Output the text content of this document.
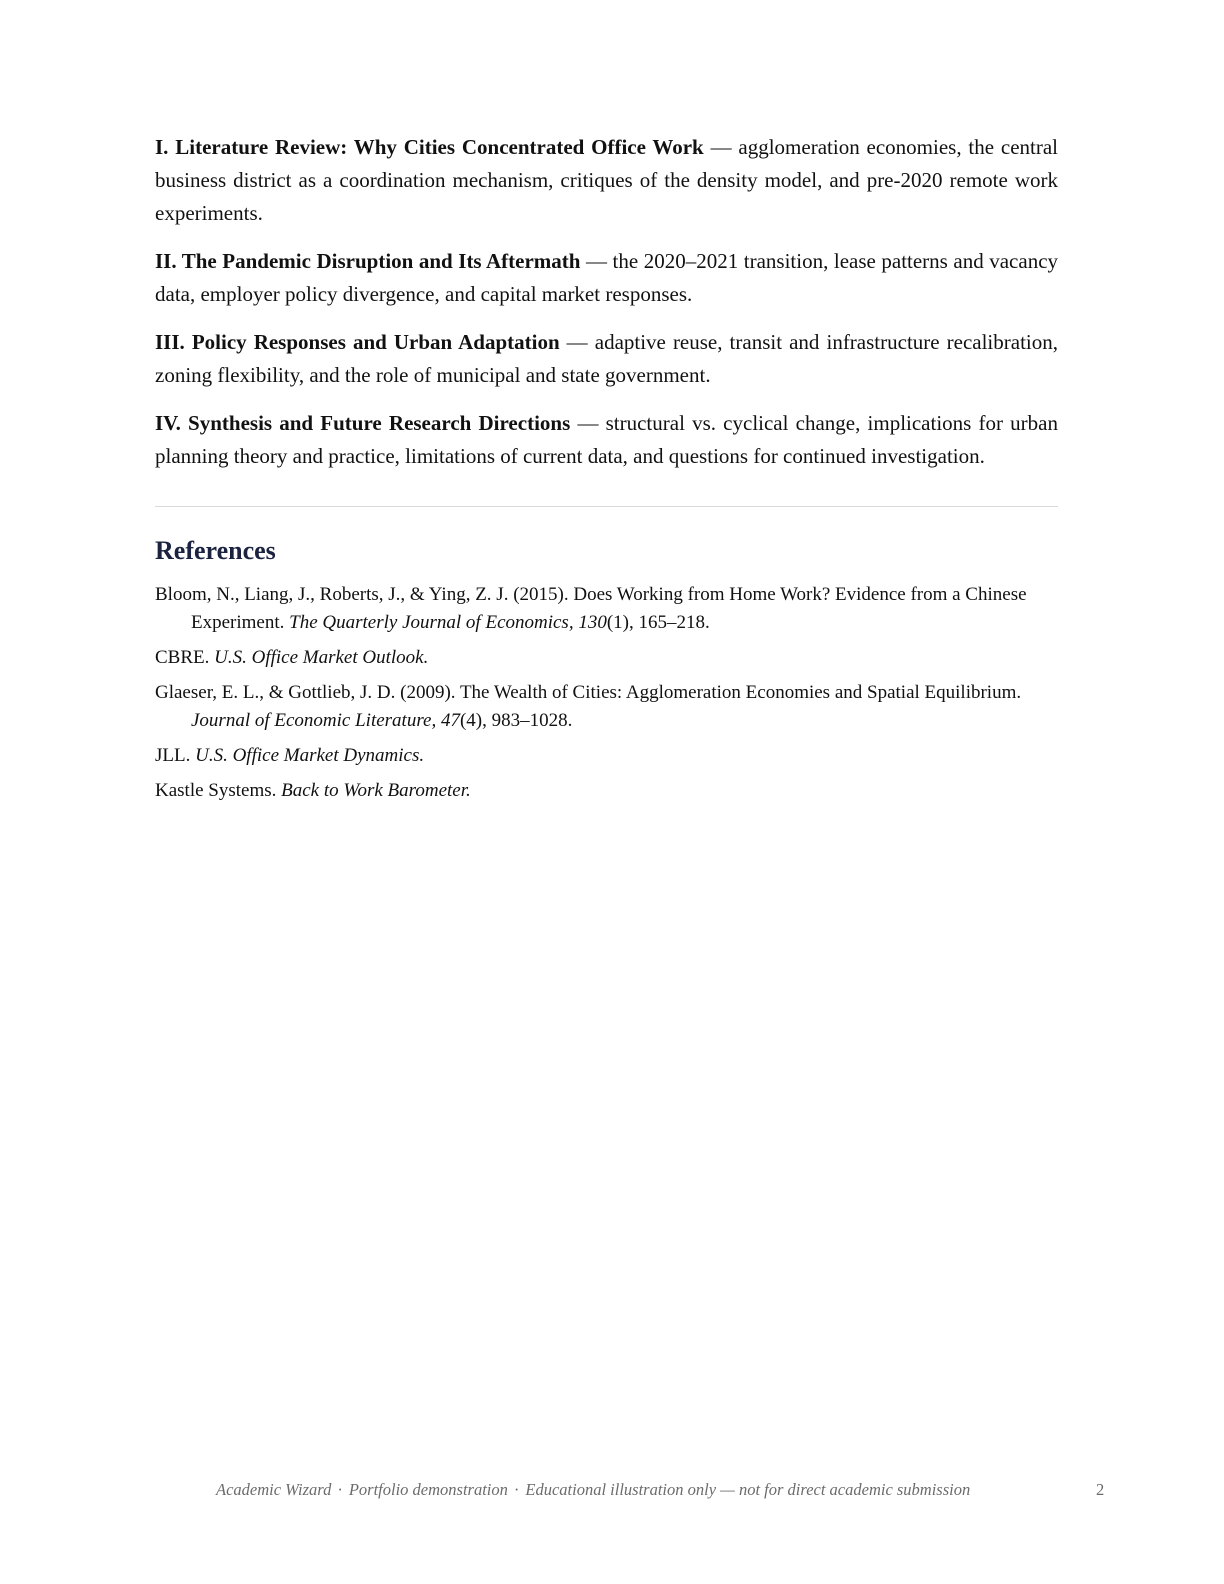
I. Literature Review: Why Cities Concentrated Office Work — agglomeration economies, the central business district as a coordination mechanism, critiques of the density model, and pre-2020 remote work experiments.

II. The Pandemic Disruption and Its Aftermath — the 2020–2021 transition, lease patterns and vacancy data, employer policy divergence, and capital market responses.

III. Policy Responses and Urban Adaptation — adaptive reuse, transit and infrastructure recalibration, zoning flexibility, and the role of municipal and state government.

IV. Synthesis and Future Research Directions — structural vs. cyclical change, implications for urban planning theory and practice, limitations of current data, and questions for continued investigation.

References

Bloom, N., Liang, J., Roberts, J., & Ying, Z. J. (2015). Does Working from Home Work? Evidence from a Chinese Experiment. The Quarterly Journal of Economics, 130(1), 165–218.

CBRE. U.S. Office Market Outlook.

Glaeser, E. L., & Gottlieb, J. D. (2009). The Wealth of Cities: Agglomeration Economies and Spatial Equilibrium. Journal of Economic Literature, 47(4), 983–1028.

JLL. U.S. Office Market Dynamics.

Kastle Systems. Back to Work Barometer.

Academic Wizard · Portfolio demonstration · Educational illustration only — not for direct academic submission	2
